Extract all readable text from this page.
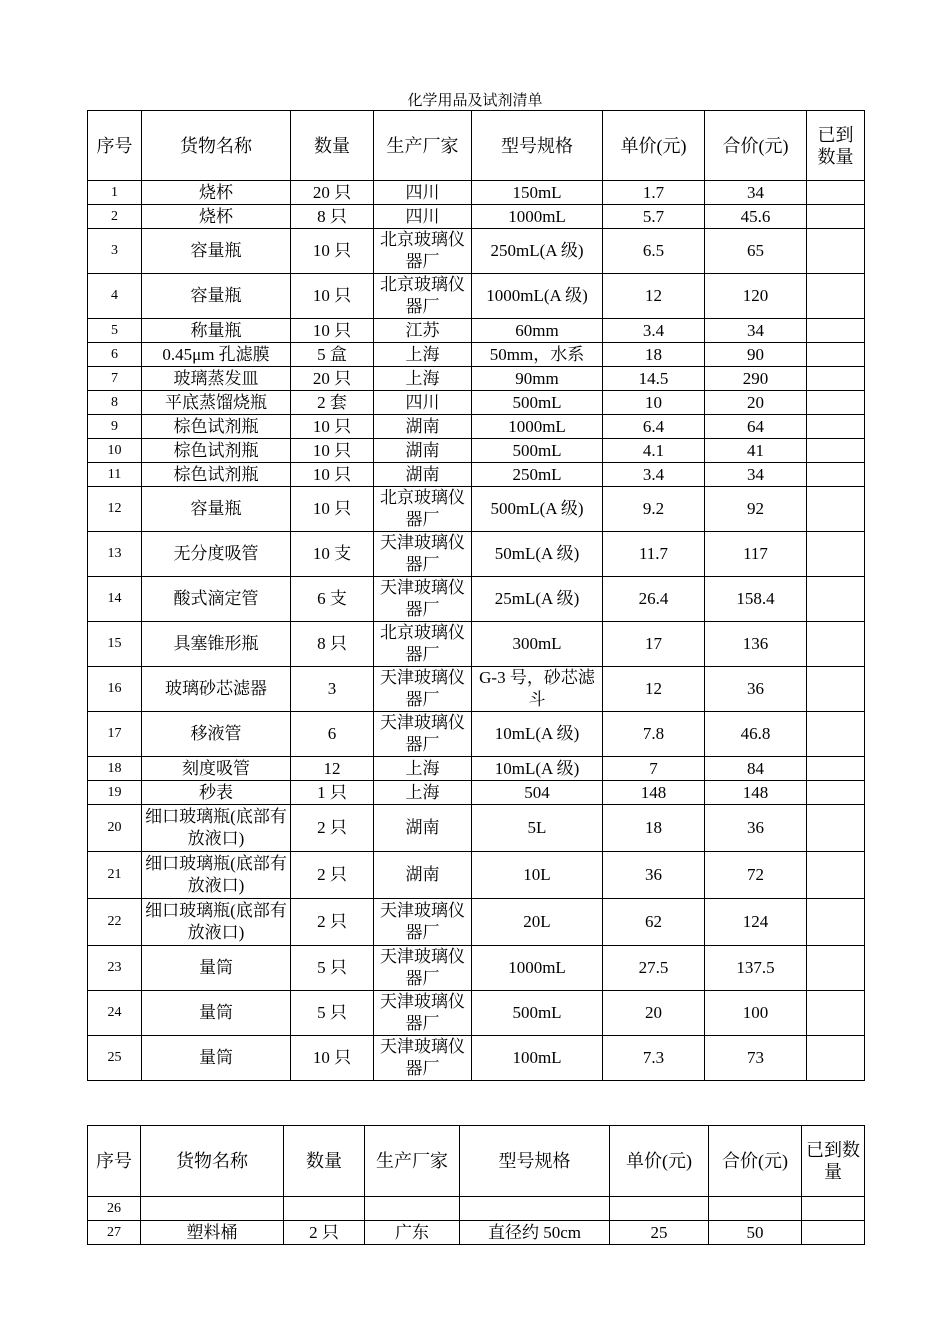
化学用品及试剂清单
序号	货物名称	数量	生产厂家	型号规格	单价(元)	合价(元)	已到数量
1	烧杯	20 只	四川	150mL	1.7	34	
2	烧杯	8 只	四川	1000mL	5.7	45.6	
3	容量瓶	10 只	北京玻璃仪器厂	250mL(A 级)	6.5	65	
4	容量瓶	10 只	北京玻璃仪器厂	1000mL(A 级)	12	120	
5	称量瓶	10 只	江苏	60mm	3.4	34	
6	0.45μm 孔滤膜	5 盒	上海	50mm，水系	18	90	
7	玻璃蒸发皿	20 只	上海	90mm	14.5	290	
8	平底蒸馏烧瓶	2 套	四川	500mL	10	20	
9	棕色试剂瓶	10 只	湖南	1000mL	6.4	64	
10	棕色试剂瓶	10 只	湖南	500mL	4.1	41	
11	棕色试剂瓶	10 只	湖南	250mL	3.4	34	
12	容量瓶	10 只	北京玻璃仪器厂	500mL(A 级)	9.2	92	
13	无分度吸管	10 支	天津玻璃仪器厂	50mL(A 级)	11.7	117	
14	酸式滴定管	6 支	天津玻璃仪器厂	25mL(A 级)	26.4	158.4	
15	具塞锥形瓶	8 只	北京玻璃仪器厂	300mL	17	136	
16	玻璃砂芯滤器	3	天津玻璃仪器厂	G-3 号，砂芯滤斗	12	36	
17	移液管	6	天津玻璃仪器厂	10mL(A 级)	7.8	46.8	
18	刻度吸管	12	上海	10mL(A 级)	7	84	
19	秒表	1 只	上海	504	148	148	
20	细口玻璃瓶(底部有放液口)	2 只	湖南	5L	18	36	
21	细口玻璃瓶(底部有放液口)	2 只	湖南	10L	36	72	
22	细口玻璃瓶(底部有放液口)	2 只	天津玻璃仪器厂	20L	62	124	
23	量筒	5 只	天津玻璃仪器厂	1000mL	27.5	137.5	
24	量筒	5 只	天津玻璃仪器厂	500mL	20	100	
25	量筒	10 只	天津玻璃仪器厂	100mL	7.3	73	
序号	货物名称	数量	生产厂家	型号规格	单价(元)	合价(元)	已到数量
26							
27	塑料桶	2 只	广东	直径约 50cm	25	50	
